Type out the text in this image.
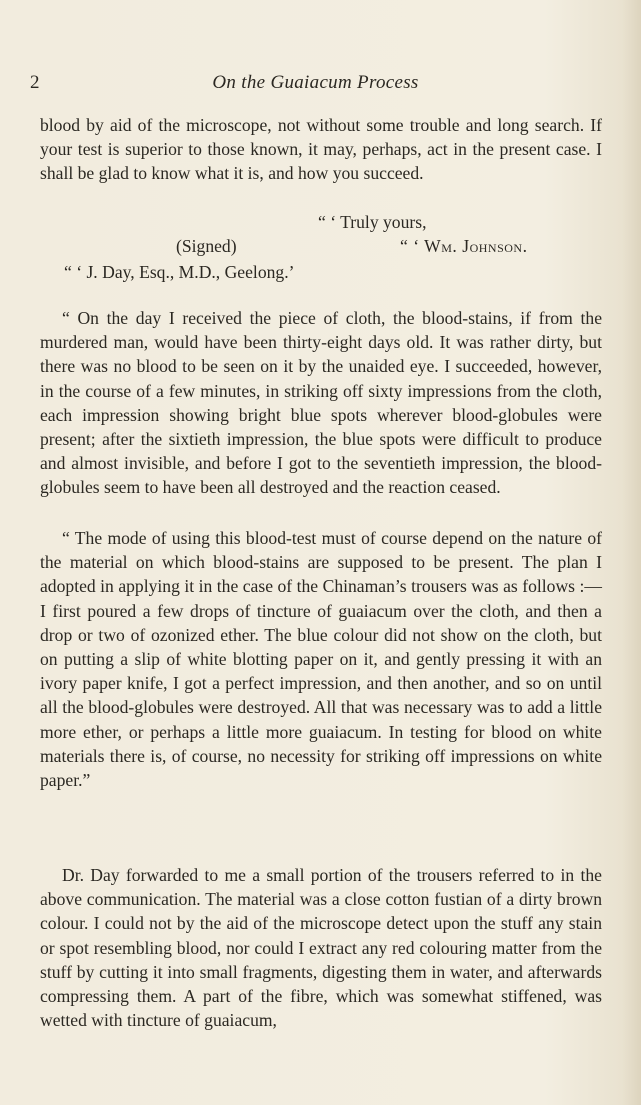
2	On the Guaiacum Process

blood by aid of the microscope, not without some trouble and long search. If your test is superior to those known, it may, perhaps, act in the present case. I shall be glad to know what it is, and how you succeed.

“ ‘ Truly yours,
(Signed)	“ ‘ Wm. Johnson.
“ ‘ J. Day, Esq., M.D., Geelong.’

“ On the day I received the piece of cloth, the blood-stains, if from the murdered man, would have been thirty-eight days old. It was rather dirty, but there was no blood to be seen on it by the unaided eye. I succeeded, however, in the course of a few minutes, in striking off sixty impressions from the cloth, each impression showing bright blue spots wherever blood-globules were present; after the sixtieth impression, the blue spots were difficult to produce and almost invisible, and before I got to the seventieth impression, the blood-globules seem to have been all destroyed and the reaction ceased.

“ The mode of using this blood-test must of course depend on the nature of the material on which blood-stains are supposed to be present. The plan I adopted in applying it in the case of the Chinaman’s trousers was as follows :—I first poured a few drops of tincture of guaiacum over the cloth, and then a drop or two of ozonized ether. The blue colour did not show on the cloth, but on putting a slip of white blotting paper on it, and gently pressing it with an ivory paper knife, I got a perfect impression, and then another, and so on until all the blood-globules were destroyed. All that was necessary was to add a little more ether, or perhaps a little more guaiacum. In testing for blood on white materials there is, of course, no necessity for striking off impressions on white paper.”

Dr. Day forwarded to me a small portion of the trousers referred to in the above communication. The material was a close cotton fustian of a dirty brown colour. I could not by the aid of the microscope detect upon the stuff any stain or spot resembling blood, nor could I extract any red colouring matter from the stuff by cutting it into small fragments, digesting them in water, and afterwards compressing them. A part of the fibre, which was somewhat stiffened, was wetted with tincture of guaiacum,
